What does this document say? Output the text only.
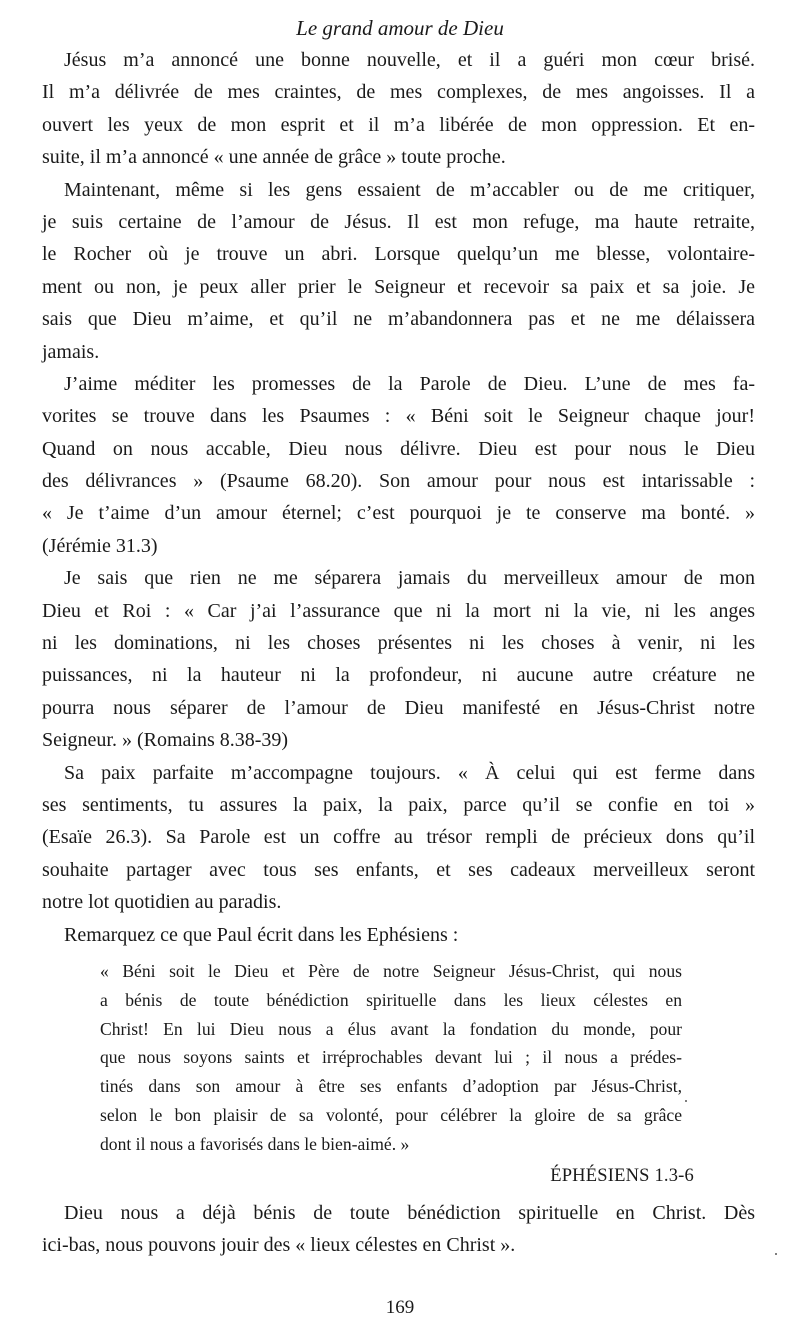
Le grand amour de Dieu
Jésus m’a annoncé une bonne nouvelle, et il a guéri mon cœur brisé.
Il m’a délivrée de mes craintes, de mes complexes, de mes angoisses. Il a
ouvert les yeux de mon esprit et il m’a libérée de mon oppression. Et en-
suite, il m’a annoncé « une année de grâce » toute proche.
Maintenant, même si les gens essaient de m’accabler ou de me critiquer,
je suis certaine de l’amour de Jésus. Il est mon refuge, ma haute retraite,
le Rocher où je trouve un abri. Lorsque quelqu’un me blesse, volontaire-
ment ou non, je peux aller prier le Seigneur et recevoir sa paix et sa joie. Je
sais que Dieu m’aime, et qu’il ne m’abandonnera pas et ne me délaissera
jamais.
J’aime méditer les promesses de la Parole de Dieu. L’une de mes fa-
vorites se trouve dans les Psaumes : « Béni soit le Seigneur chaque jour!
Quand on nous accable, Dieu nous délivre. Dieu est pour nous le Dieu
des délivrances » (Psaume 68.20). Son amour pour nous est intarissable :
« Je t’aime d’un amour éternel; c’est pourquoi je te conserve ma bonté. »
(Jérémie 31.3)
Je sais que rien ne me séparera jamais du merveilleux amour de mon
Dieu et Roi : « Car j’ai l’assurance que ni la mort ni la vie, ni les anges
ni les dominations, ni les choses présentes ni les choses à venir, ni les
puissances, ni la hauteur ni la profondeur, ni aucune autre créature ne
pourra nous séparer de l’amour de Dieu manifesté en Jésus-Christ notre
Seigneur. » (Romains 8.38-39)
Sa paix parfaite m’accompagne toujours. « À celui qui est ferme dans
ses sentiments, tu assures la paix, la paix, parce qu’il se confie en toi »
(Esaïe 26.3). Sa Parole est un coffre au trésor rempli de précieux dons qu’il
souhaite partager avec tous ses enfants, et ses cadeaux merveilleux seront
notre lot quotidien au paradis.
Remarquez ce que Paul écrit dans les Ephésiens :
« Béni soit le Dieu et Père de notre Seigneur Jésus-Christ, qui nous
a bénis de toute bénédiction spirituelle dans les lieux célestes en
Christ! En lui Dieu nous a élus avant la fondation du monde, pour
que nous soyons saints et irréprochables devant lui ; il nous a prédes-
tinés dans son amour à être ses enfants d’adoption par Jésus-Christ,
selon le bon plaisir de sa volonté, pour célébrer la gloire de sa grâce
dont il nous a favorisés dans le bien-aimé. »
ÉPHÉSIENS 1.3-6
Dieu nous a déjà bénis de toute bénédiction spirituelle en Christ. Dès
ici-bas, nous pouvons jouir des « lieux célestes en Christ ».
169
